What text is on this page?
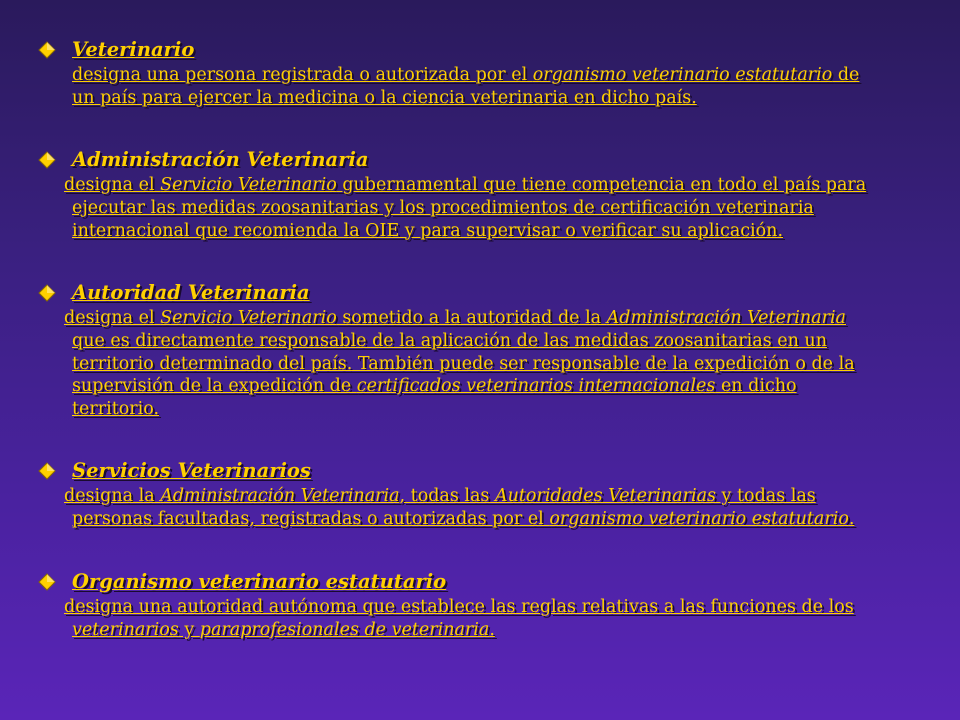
Veterinario
designa una persona registrada o autorizada por el organismo veterinario estatutario de
un país para ejercer la medicina o la ciencia veterinaria en dicho país.
Administración Veterinaria
designa el Servicio Veterinario gubernamental que tiene competencia en todo el país para
ejecutar las medidas zoosanitarias y los procedimientos de certificación veterinaria
internacional que recomienda la OIE y para supervisar o verificar su aplicación.
Autoridad Veterinaria
designa el Servicio Veterinario sometido a la autoridad de la Administración Veterinaria
que es directamente responsable de la aplicación de las medidas zoosanitarias en un
territorio determinado del país. También puede ser responsable de la expedición o de la
supervisión de la expedición de certificados veterinarios internacionales en dicho
territorio.
Servicios Veterinarios
designa la Administración Veterinaria, todas las Autoridades Veterinarias y todas las
personas facultadas, registradas o autorizadas por el organismo veterinario estatutario.
Organismo veterinario estatutario
designa una autoridad autónoma que establece las reglas relativas a las funciones de los
veterinarios y paraprofesionales de veterinaria.
